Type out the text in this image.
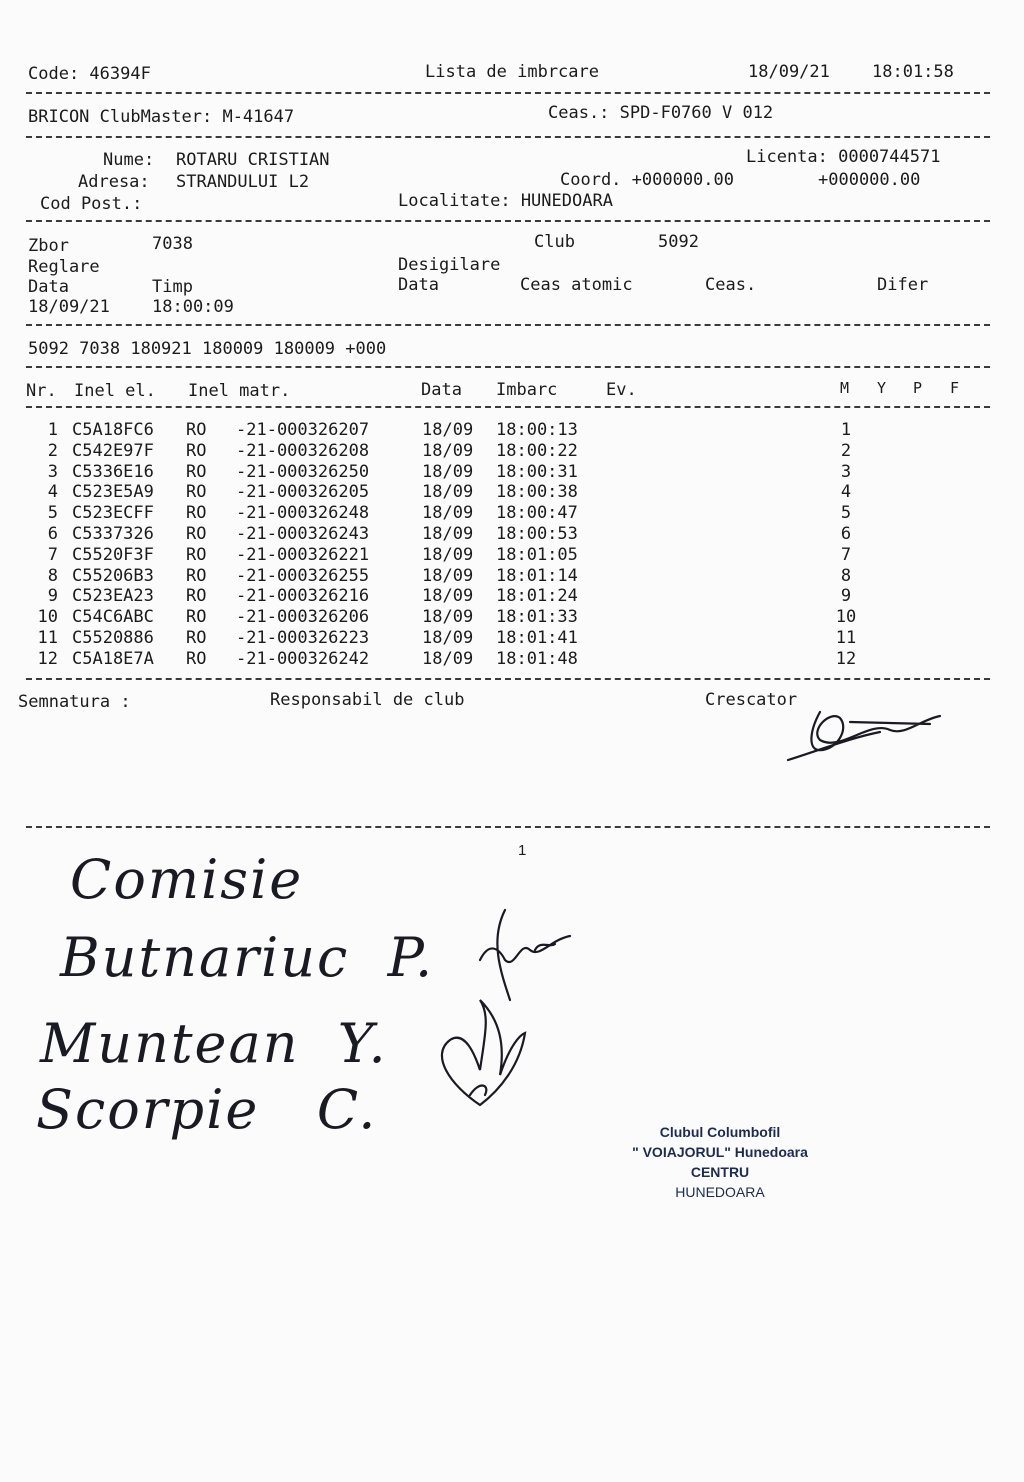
Code: 46394F	Lista de imbrcare	18/09/21 18:01:58
BRICON ClubMaster: M-41647	Ceas.: SPD-F0760 V 012
Nume: ROTARU CRISTIAN	Licenta: 0000744571
Adresa: STRANDULUI L2	Coord. +000000.00	+000000.00
Cod Post.:	Localitate: HUNEDOARA
Zbor	7038	Club	5092
Reglare	Desigilare
Data	Timp	Data	Ceas atomic	Ceas.	Difer
18/09/21 18:00:09
5092 7038 180921 180009 180009 +000
Nr. Inel el. Inel matr.	Data Imbarc	Ev.	M Y P F
1 C5A18FC6 RO -21-000326207	18/09 18:00:13	1
2 C542E97F RO -21-000326208	18/09 18:00:22	2
3 C5336E16 RO -21-000326250	18/09 18:00:31	3
4 C523E5A9 RO -21-000326205	18/09 18:00:38	4
5 C523ECFF RO -21-000326248	18/09 18:00:47	5
6 C5337326 RO -21-000326243	18/09 18:00:53	6
7 C5520F3F RO -21-000326221	18/09 18:01:05	7
8 C55206B3 RO -21-000326255	18/09 18:01:14	8
9 C523EA23 RO -21-000326216	18/09 18:01:24	9
10 C54C6ABC RO -21-000326206	18/09 18:01:33	10
11 C5520886 RO -21-000326223	18/09 18:01:41	11
12 C5A18E7A RO -21-000326242	18/09 18:01:48	12
Semnatura :	Responsabil de club	Crescator
1
Comisie
Butnariuc  P.
Muntean  Y.
Scorpie   C.	Clubul Columbofil
" VOIAJORUL" Hunedoara
CENTRU
HUNEDOARA
